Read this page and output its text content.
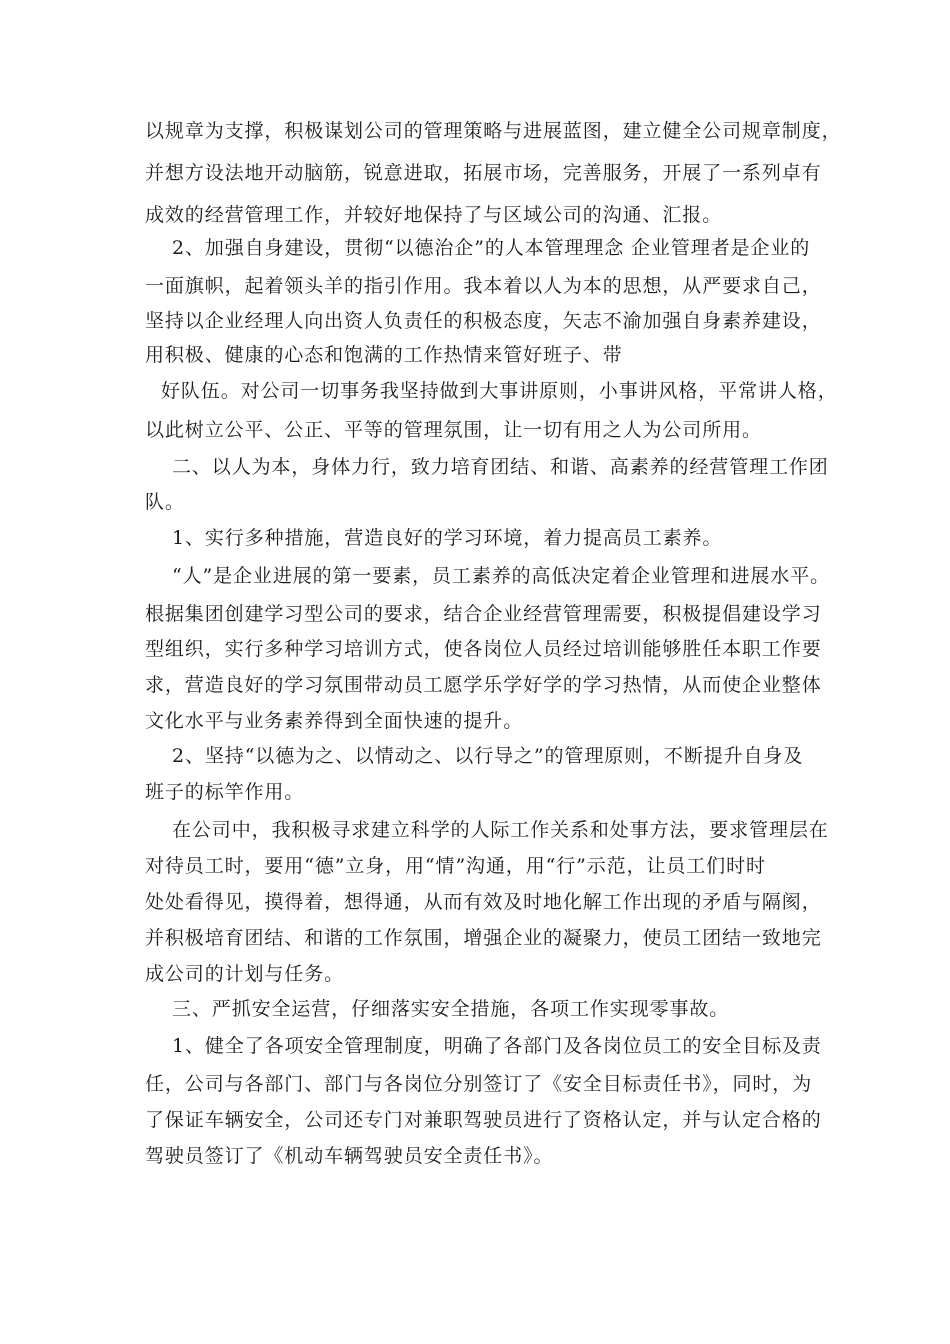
以规章为支撑，积极谋划公司的管理策略与进展蓝图，建立健全公司规章制度，
并想方设法地开动脑筋，锐意进取，拓展市场，完善服务，开展了一系列卓有
成效的经营管理工作，并较好地保持了与区域公司的沟通、汇报。
2、加强自身建设，贯彻“以德治企”的人本管理理念 企业管理者是企业的
一面旗帜，起着领头羊的指引作用。我本着以人为本的思想，从严要求自己，
坚持以企业经理人向出资人负责任的积极态度，矢志不渝加强自身素养建设，
用积极、健康的心态和饱满的工作热情来管好班子、带
好队伍。对公司一切事务我坚持做到大事讲原则，小事讲风格，平常讲人格，
以此树立公平、公正、平等的管理氛围，让一切有用之人为公司所用。
二、以人为本，身体力行，致力培育团结、和谐、高素养的经营管理工作团
队。
1、实行多种措施，营造良好的学习环境，着力提高员工素养。
“人”是企业进展的第一要素，员工素养的高低决定着企业管理和进展水平。
根据集团创建学习型公司的要求，结合企业经营管理需要，积极提倡建设学习
型组织，实行多种学习培训方式，使各岗位人员经过培训能够胜任本职工作要
求，营造良好的学习氛围带动员工愿学乐学好学的学习热情，从而使企业整体
文化水平与业务素养得到全面快速的提升。
2、坚持“以德为之、以情动之、以行导之”的管理原则，不断提升自身及
班子的标竿作用。
在公司中，我积极寻求建立科学的人际工作关系和处事方法，要求管理层在
对待员工时，要用“德”立身，用“情”沟通，用“行”示范，让员工们时时
处处看得见，摸得着，想得通，从而有效及时地化解工作出现的矛盾与隔阂，
并积极培育团结、和谐的工作氛围，增强企业的凝聚力，使员工团结一致地完
成公司的计划与任务。
三、严抓安全运营，仔细落实安全措施，各项工作实现零事故。
1、健全了各项安全管理制度，明确了各部门及各岗位员工的安全目标及责
任，公司与各部门、部门与各岗位分别签订了《安全目标责任书》，同时，为
了保证车辆安全，公司还专门对兼职驾驶员进行了资格认定，并与认定合格的
驾驶员签订了《机动车辆驾驶员安全责任书》。
